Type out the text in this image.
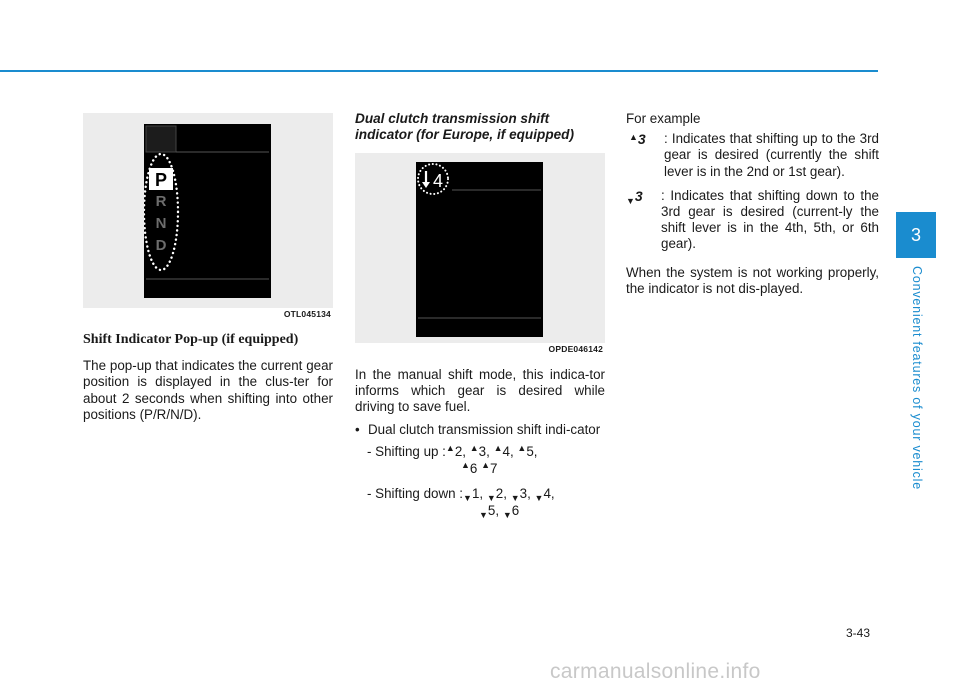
P
R
N
D
OTL045134
Shift Indicator Pop-up (if equipped)

The pop-up that indicates the current gear position is displayed in the clus-ter for about 2 seconds when shifting into other positions (P/R/N/D).

Dual clutch transmission shift

indicator (for Europe, if equipped)

4
OPDE046142

In the manual shift mode, this indica-tor informs which gear is desired while driving to save fuel.

• Dual clutch transmission shift indi-cator
- Shifting up :▲2, ▲3, ▲4, ▲5,
▲6 ▲7
- Shifting down $:_▼1$, $_▼$2, $_▼$3, $_▼$4,
$_▼$5, $_▼$6

For example

▲3 : Indicates that shifting up to the 3rd gear is desired (currently the shift lever is in the 2nd or 1st gear).
$_▼$3 : Indicates that shifting down to the 3rd gear is desired (current-ly the shift lever is in the 4th, 5th, or 6th gear).

When the system is not working properly, the indicator is not dis-played.

3
Convenient features of your vehicle
3-43
carmanualsonline.info
